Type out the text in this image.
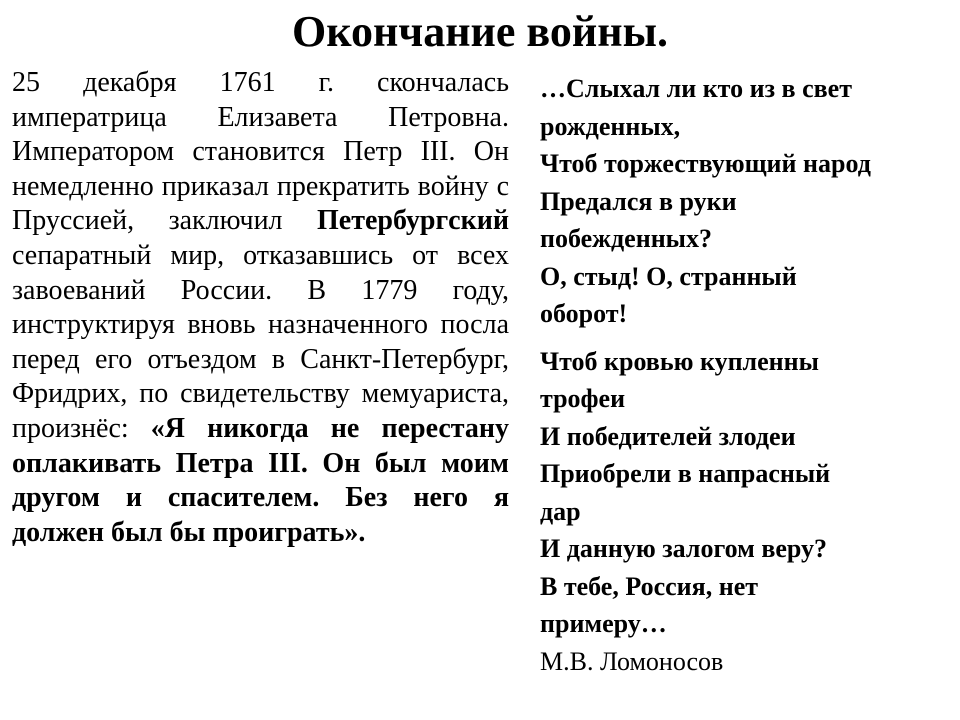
Окончание войны.
25 декабря 1761 г. скончалась императрица Елизавета Петровна. Императором становится Петр III. Он немедленно приказал прекратить войну с Пруссией, заключил Петербургский сепаратный мир, отказавшись от всех завоеваний России. В 1779 году, инструктируя вновь назначенного посла перед его отъездом в Санкт-Петербург, Фридрих, по свидетельству мемуариста, произнёс: «Я никогда не перестану оплакивать Петра III. Он был моим другом и спасителем. Без него я должен был бы проиграть».
…Слыхал ли кто из в свет
рожденных,
Чтоб торжествующий народ
Предался в руки
побежденных?
О, стыд! О, странный
оборот!
Чтоб кровью купленны
трофеи
И победителей злодеи
Приобрели в напрасный
дар
И данную залогом веру?
В тебе, Россия, нет
примеру…
М.В. Ломоносов
